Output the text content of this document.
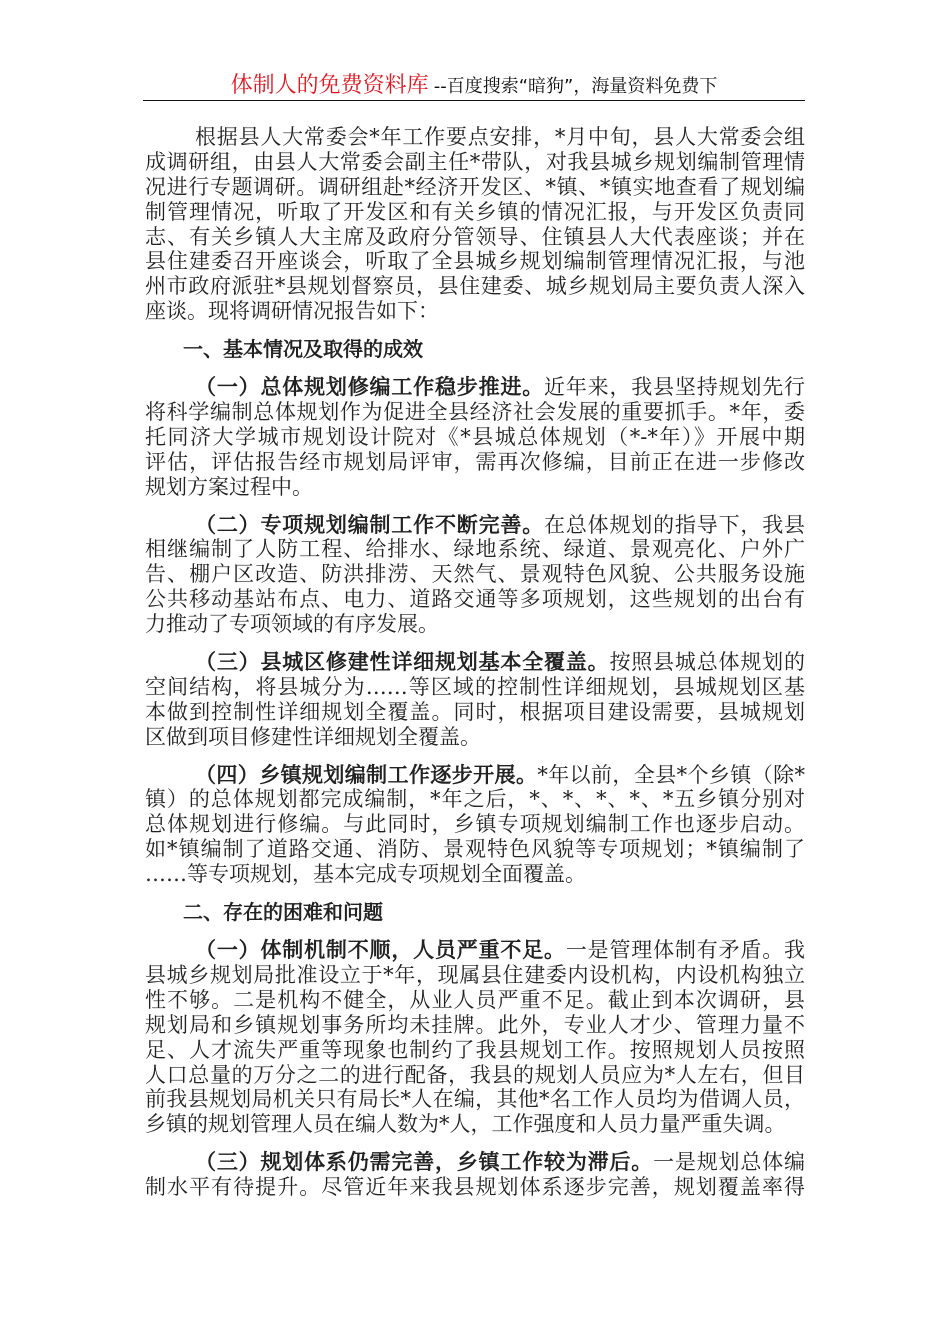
体制人的免费资料库 --百度搜索“暗狗”，海量资料免费下
根据县人大常委会*年工作要点安排，*月中旬，县人大常委会组
成调研组，由县人大常委会副主任*带队，对我县城乡规划编制管理情
况进行专题调研。调研组赴*经济开发区、*镇、*镇实地查看了规划编
制管理情况，听取了开发区和有关乡镇的情况汇报，与开发区负责同
志、有关乡镇人大主席及政府分管领导、住镇县人大代表座谈；并在
县住建委召开座谈会，听取了全县城乡规划编制管理情况汇报，与池
州市政府派驻*县规划督察员，县住建委、城乡规划局主要负责人深入
座谈。现将调研情况报告如下：
一、基本情况及取得的成效
（一）总体规划修编工作稳步推进。近年来，我县坚持规划先行
将科学编制总体规划作为促进全县经济社会发展的重要抓手。*年，委
托同济大学城市规划设计院对《*县城总体规划（*-*年）》开展中期
评估，评估报告经市规划局评审，需再次修编，目前正在进一步修改
规划方案过程中。
（二）专项规划编制工作不断完善。在总体规划的指导下，我县
相继编制了人防工程、给排水、绿地系统、绿道、景观亮化、户外广
告、棚户区改造、防洪排涝、天然气、景观特色风貌、公共服务设施
公共移动基站布点、电力、道路交通等多项规划，这些规划的出台有
力推动了专项领域的有序发展。
（三）县城区修建性详细规划基本全覆盖。按照县城总体规划的
空间结构，将县城分为……等区域的控制性详细规划，县城规划区基
本做到控制性详细规划全覆盖。同时，根据项目建设需要，县城规划
区做到项目修建性详细规划全覆盖。
（四）乡镇规划编制工作逐步开展。*年以前，全县*个乡镇（除*
镇）的总体规划都完成编制，*年之后，*、*、*、*、*五乡镇分别对
总体规划进行修编。与此同时，乡镇专项规划编制工作也逐步启动。
如*镇编制了道路交通、消防、景观特色风貌等专项规划；*镇编制了
……等专项规划，基本完成专项规划全面覆盖。
二、存在的困难和问题
（一）体制机制不顺，人员严重不足。一是管理体制有矛盾。我
县城乡规划局批准设立于*年，现属县住建委内设机构，内设机构独立
性不够。二是机构不健全，从业人员严重不足。截止到本次调研，县
规划局和乡镇规划事务所均未挂牌。此外，专业人才少、管理力量不
足、人才流失严重等现象也制约了我县规划工作。按照规划人员按照
人口总量的万分之二的进行配备，我县的规划人员应为*人左右，但目
前我县规划局机关只有局长*人在编，其他*名工作人员均为借调人员，
乡镇的规划管理人员在编人数为*人，工作强度和人员力量严重失调。
（三）规划体系仍需完善，乡镇工作较为滞后。一是规划总体编
制水平有待提升。尽管近年来我县规划体系逐步完善，规划覆盖率得
